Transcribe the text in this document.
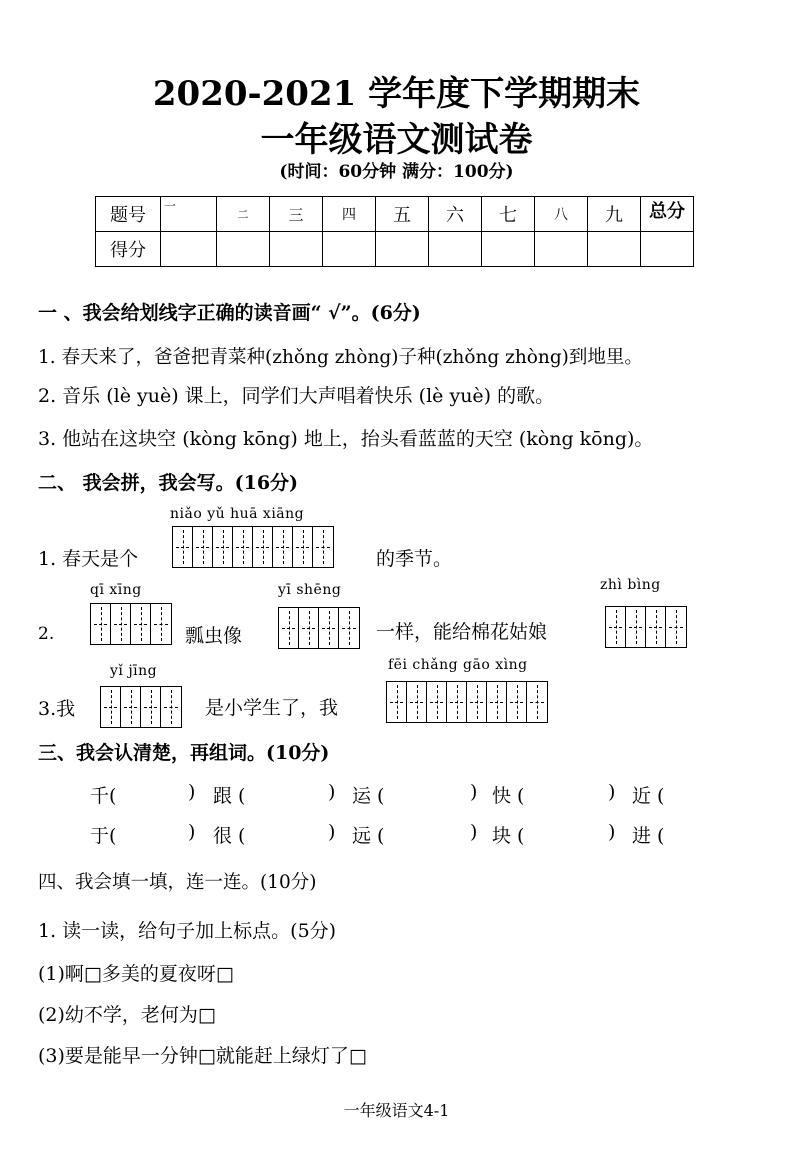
2020-2021 学年度下学期期末
一年级语文测试卷
(时间：60分钟 满分：100分)
题号	一	二	三	四	五	六	七	八	九	总分
得分										
一 、我会给划线字正确的读音画“ √”。(6分)
1. 春天来了，爸爸把青菜种(zhǒng zhòng)子种(zhǒng zhòng)到地里。
2. 音乐 (lè yuè) 课上，同学们大声唱着快乐 (lè yuè) 的歌。
3. 他站在这块空 (kòng kōng) 地上，抬头看蓝蓝的天空 (kòng kōng)。
二、 我会拼，我会写。(16分)
niǎo yǔ huā xiāng
1. 春天是个	的季节。
qī xīng	yī shēng	zhì bìng
2.	瓢虫像	一样，能给棉花姑娘
yǐ jīng	fēi chǎng gāo xìng
3.我	是小学生了，我
三、我会认清楚，再组词。(10分)
千(	) 跟 (	) 运 (	) 快 (	) 近 (
于(	) 很 (	) 远 (	) 块 (	) 进 (
四、我会填一填，连一连。(10分)
1. 读一读，给句子加上标点。(5分)
(1)啊□多美的夏夜呀□
(2)幼不学，老何为□
(3)要是能早一分钟□就能赶上绿灯了□
一年级语文4-1
